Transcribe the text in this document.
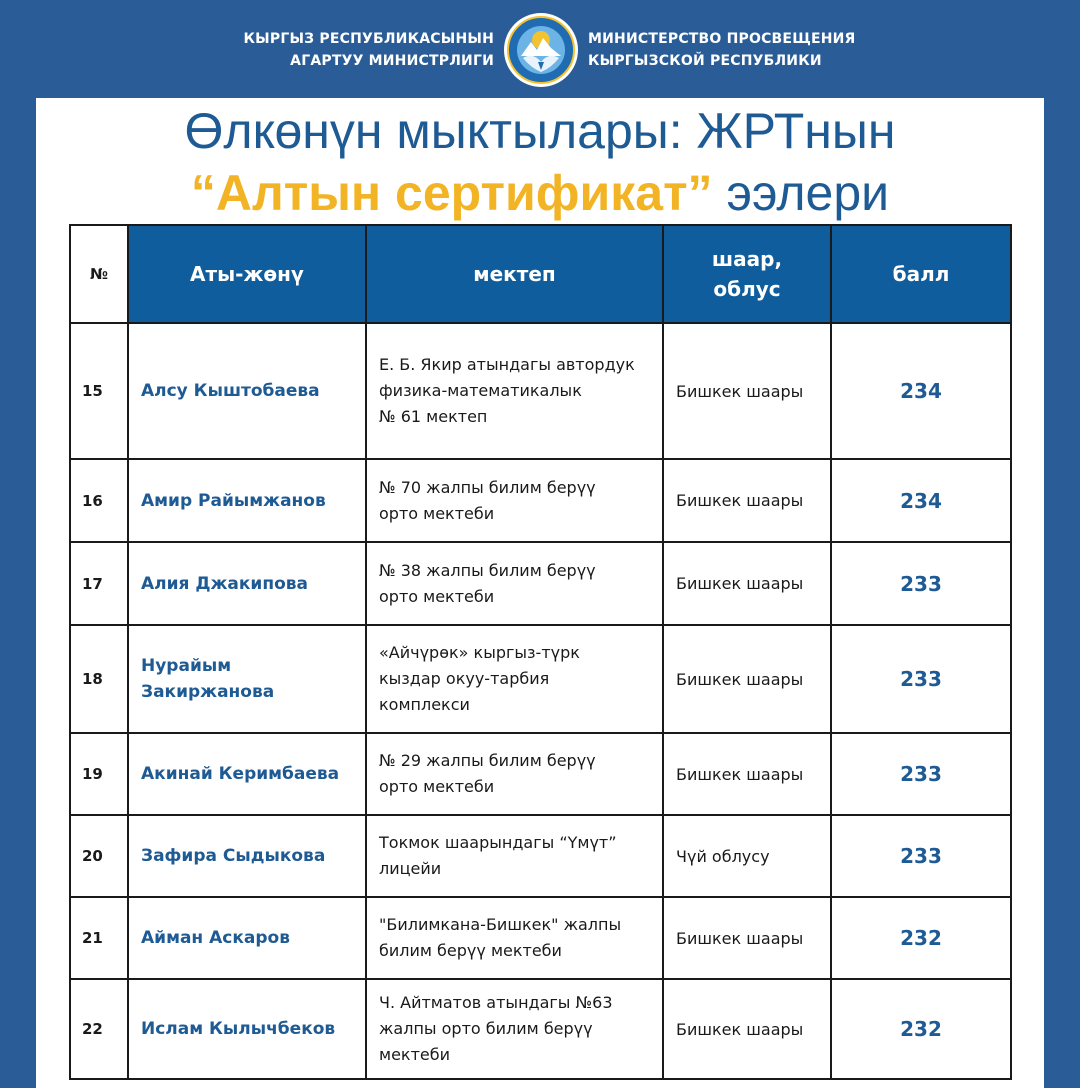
КЫРГЫЗ РЕСПУБЛИКАСЫНЫН
АГАРТУУ МИНИСТРЛИГИ
МИНИСТЕРСТВО ПРОСВЕЩЕНИЯ
КЫРГЫЗСКОЙ РЕСПУБЛИКИ
Өлкөнүн мыктылары: ЖРТнын
“Алтын сертификат” ээлери
№	Аты-жөнү	мектеп	шаар,
облус	балл
15	Алсу Кыштобаева	Е. Б. Якир атындагы автордук
физика-математикалык
№ 61 мектеп	Бишкек шаары	234
16	Амир Райымжанов	№ 70 жалпы билим берүү
орто мектеби	Бишкек шаары	234
17	Алия Джакипова	№ 38 жалпы билим берүү
орто мектеби	Бишкек шаары	233
18	Нурайым Закиржанова	«Айчүрөк» кыргыз-түрк
кыздар окуу-тарбия
комплекси	Бишкек шаары	233
19	Акинай Керимбаева	№ 29 жалпы билим берүү
орто мектеби	Бишкек шаары	233
20	Зафира Сыдыкова	Токмок шаарындагы “Үмүт”
лицейи	Чүй облусу	233
21	Айман Аскаров	"Билимкана-Бишкек" жалпы
билим берүү мектеби	Бишкек шаары	232
22	Ислам Кылычбеков	Ч. Айтматов атындагы №63
жалпы орто билим берүү
мектеби	Бишкек шаары	232
